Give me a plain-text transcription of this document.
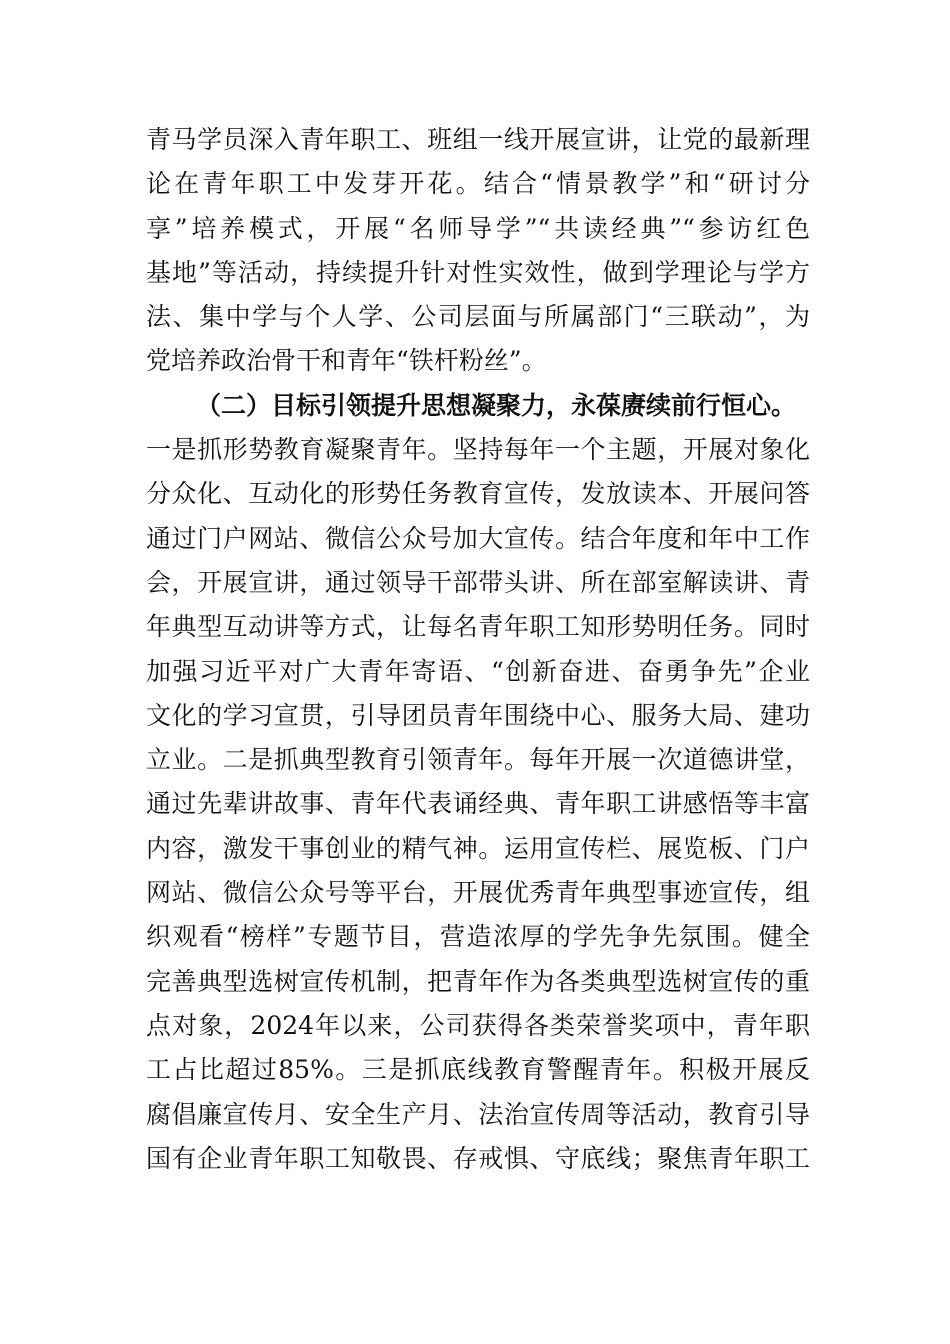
青马学员深入青年职工、班组一线开展宣讲，让党的最新理
论在青年职工中发芽开花。结合“情景教学”和“研讨分
享”培养模式，开展“名师导学”“共读经典”“参访红色
基地”等活动，持续提升针对性实效性，做到学理论与学方
法、集中学与个人学、公司层面与所属部门“三联动”，为
党培养政治骨干和青年“铁杆粉丝”。
（二）目标引领提升思想凝聚力，永葆赓续前行恒心。
一是抓形势教育凝聚青年。坚持每年一个主题，开展对象化
分众化、互动化的形势任务教育宣传，发放读本、开展问答
通过门户网站、微信公众号加大宣传。结合年度和年中工作
会，开展宣讲，通过领导干部带头讲、所在部室解读讲、青
年典型互动讲等方式，让每名青年职工知形势明任务。同时
加强习近平对广大青年寄语、“创新奋进、奋勇争先”企业
文化的学习宣贯，引导团员青年围绕中心、服务大局、建功
立业。二是抓典型教育引领青年。每年开展一次道德讲堂，
通过先辈讲故事、青年代表诵经典、青年职工讲感悟等丰富
内容，激发干事创业的精气神。运用宣传栏、展览板、门户
网站、微信公众号等平台，开展优秀青年典型事迹宣传，组
织观看“榜样”专题节目，营造浓厚的学先争先氛围。健全
完善典型选树宣传机制，把青年作为各类典型选树宣传的重
点对象，2024年以来，公司获得各类荣誉奖项中，青年职
工占比超过85%。三是抓底线教育警醒青年。积极开展反
腐倡廉宣传月、安全生产月、法治宣传周等活动，教育引导
国有企业青年职工知敬畏、存戒惧、守底线；聚焦青年职工
